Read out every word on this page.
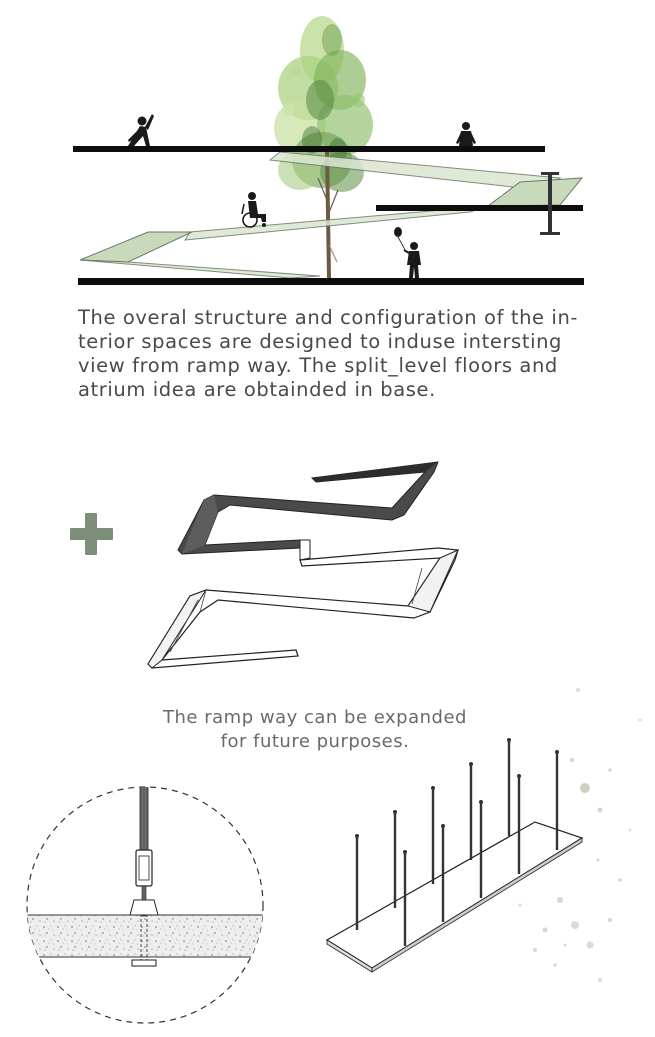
The overal structure and configuration of the in-
terior spaces are designed to induse intersting
view from ramp way. The split_level floors and
atrium idea are obtainded in base.
The ramp way can be expanded
for future purposes.
